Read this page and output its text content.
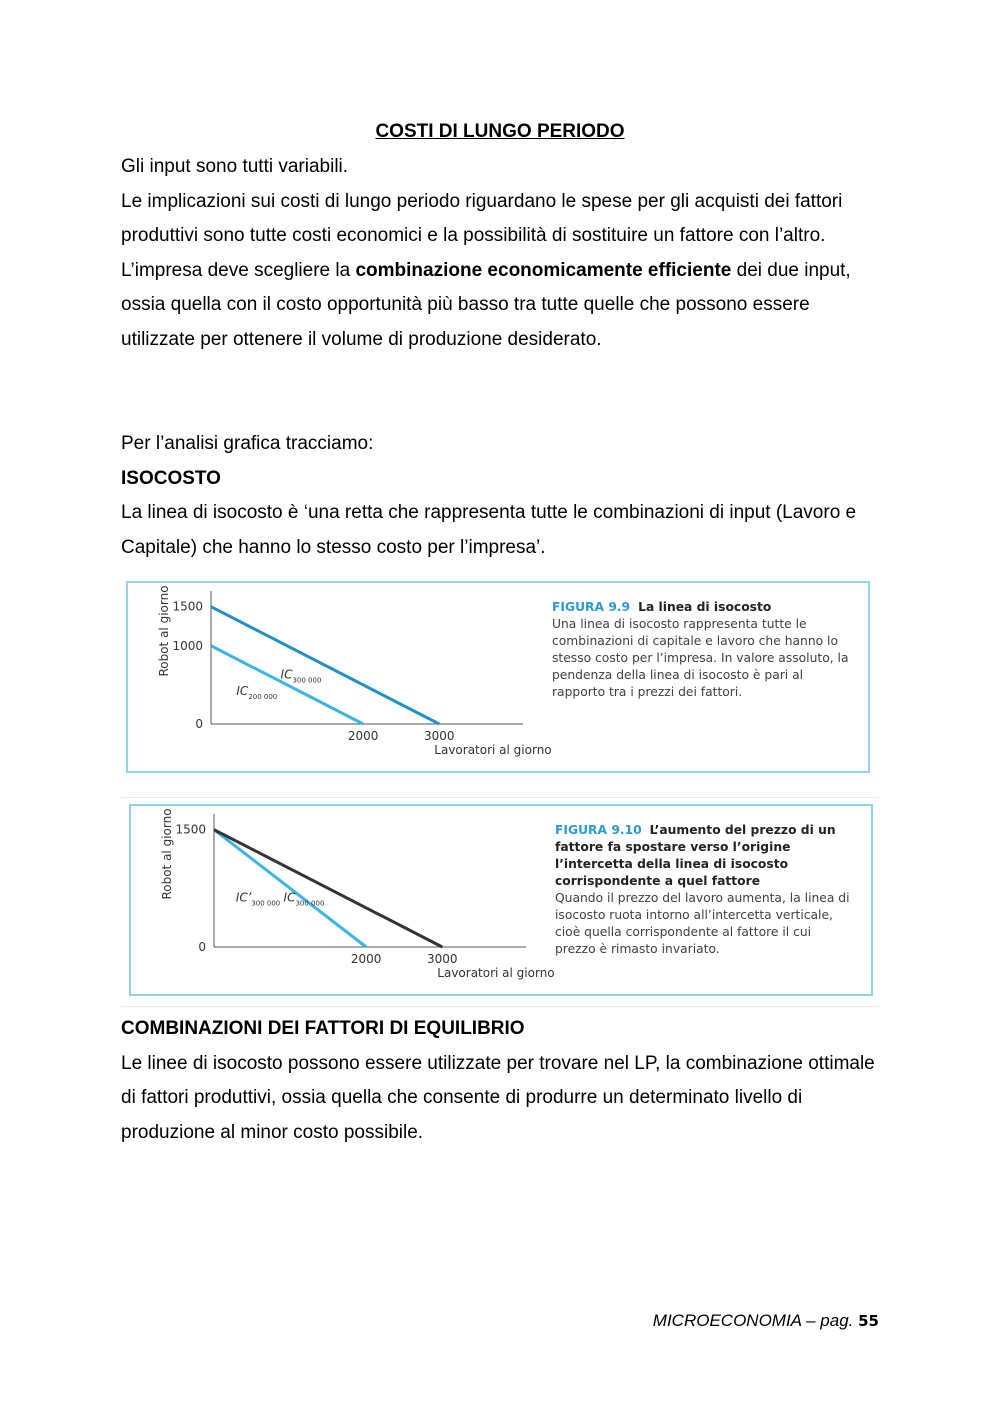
COSTI DI LUNGO PERIODO

Gli input sono tutti variabili.
Le implicazioni sui costi di lungo periodo riguardano le spese per gli acquisti dei fattori produttivi sono tutte costi economici e la possibilità di sostituire un fattore con l’altro.
L’impresa deve scegliere la combinazione economicamente efficiente dei due input, ossia quella con il costo opportunità più basso tra tutte quelle che possono essere utilizzate per ottenere il volume di produzione desiderato.

Per l’analisi grafica tracciamo:
ISOCOSTO
La linea di isocosto è ‘una retta che rappresenta tutte le combinazioni di input (Lavoro e Capitale) che hanno lo stesso costo per l’impresa’.

0
1000
1500
2000	3000
Robot al giorno
Lavoratori al giorno
$IC_{200 000}$
$IC_{300 000}$
FIGURA 9.9 La linea di isocosto
Una linea di isocosto rappresenta tutte le combinazioni di capitale e lavoro che hanno lo stesso costo per l’impresa. In valore assoluto, la pendenza della linea di isocosto è pari al rapporto tra i prezzi dei fattori.
0
1500
2000	3000
Robot al giorno
Lavoratori al giorno
$IC’_{300 000}$ $IC_{300 000}$
FIGURA 9.10 L’aumento del prezzo di un fattore fa spostare verso l’origine l’intercetta della linea di isocosto corrispondente a quel fattore
Quando il prezzo del lavoro aumenta, la linea di isocosto ruota intorno all’intercetta verticale, cioè quella corrispondente al fattore il cui prezzo è rimasto invariato.

COMBINAZIONI DEI FATTORI DI EQUILIBRIO
Le linee di isocosto possono essere utilizzate per trovare nel LP, la combinazione ottimale di fattori produttivi, ossia quella che consente di produrre un determinato livello di produzione al minor costo possibile.

MICROECONOMIA – pag. 55
